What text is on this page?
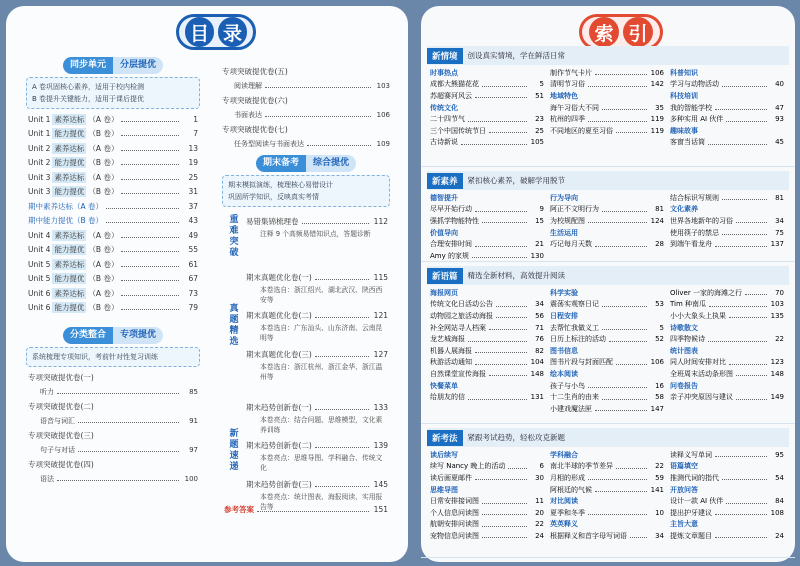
目 录
同步单元	分层提优
A 卷巩固核心素养，适用于校内检测
B 卷提升关键能力，适用于课后提优
Unit 1 素养达标 （A 卷）	1
Unit 1 能力提优 （B 卷）	7
Unit 2 素养达标 （A 卷）	13
Unit 2 能力提优 （B 卷）	19
Unit 3 素养达标 （A 卷）	25
Unit 3 能力提优 （B 卷）	31
期中素养达标（A 卷）	37
期中能力提优（B 卷）	43
Unit 4 素养达标 （A 卷）	49
Unit 4 能力提优 （B 卷）	55
Unit 5 素养达标 （A 卷）	61
Unit 5 能力提优 （B 卷）	67
Unit 6 素养达标 （A 卷）	73
Unit 6 能力提优 （B 卷）	79
分类整合	专项提优
系统梳理专项知识，考前针对性复习训练
专项突破提优卷(一)
听力	85
专项突破提优卷(二)
语音与词汇	91
专项突破提优卷(三)
句子与对话	97
专项突破提优卷(四)
语法	100
专项突破提优卷(五)
阅读理解	103
专项突破提优卷(六)
书面表达	106
专项突破提优卷(七)
任务型阅读与书面表达	109
期末备考	综合提优
期末模拟演练，梳理核心易错设计
巩固所学知识，反映真实考情
重难突破	易错集锦梳理卷	112
注释 9 个高频易错知识点，答题诊断
真题精选
期末真题优化卷(一)	115
本卷选自：浙江绍兴、湖北武汉、陕西西安等
期末真题优化卷(二)	121
本卷选自：广东汕头、山东济南、云南昆明等
期末真题优化卷(三)	127
本卷选自：浙江杭州、浙江金华、浙江温州等
新题速递
期末趋势创新卷(一)	133
本卷亮点：结合问题、思维模型，文化素养训练
期末趋势创新卷(二)	139
本卷亮点：思维导图、学科融合、传统文化
期末趋势创新卷(三)	145
本卷亮点：统计图表、海报阅读、实用报告等
参考答案	151
索 引
新情境	创设真实情境，学在鲜活日常
时事热点
成都大熊猫花花	5
苏超赛河风云	51
传统文化
二十四节气	23
三个中国传统节日	25
古诗新说	105
制作节气卡片	106
清明节习俗	142
地域特色
海午习俗大不同	35
杭州的四季	119
不同地区的夏至习俗	119
科普知识
学习与动物活动	40
科技培训
我的智能学校	47
多种实用 AI 伙伴	93
趣味故事
客窗当话筒	45
新素养	紧扣核心素养，破解学用脱节
德智提升
尽早开始行动	9
强抓学物能特性	15
价值导向
合理安排时间	21
Amy 的家规	130
行为导向
阿正不文明行为	81
为校规配图	124
生活运用
巧记每月天数	28
结合标识写规则	81
文化素养
世界各地新年的习俗	34
使用筷子的禁忌	75
到端午看龙舟	137
新语篇	精选全新材料，高效提升阅读
海报网页
传统文化日活动公告	34
动物园之旅活动海报	56
补全网站寻人档案	71
龙艺城海报	76
机器人展海报	82
秋游活动通知	104
自然课堂宣传海报	148
快餐菜单
给朋友的信	131
科学实验
震荡实观察日记	53
日程安排
去帮忙我做义工	5
日历上标注的活动	52
图书信息
图书片段与封面匹配	106
绘本阅读
孩子与小鸟	16
十二生肖的由来	58
小建戏魔法匣	147
Oliver 一家的海滩之行	70
Tim 种南瓜	103
小小大象头上执果	135
诗歌散文
四季物候诗	22
统计图表
同人时间安排对比	123
全班周末活动条形图	148
问卷报告
亲子冲突原因与建议	149
新考法	紧跟考试趋势，轻松攻克新题
读后续写
续写 Nancy 晚上的活动	6
读后画夏邮件	30
思维导图
日常安排接词图	11
个人信息问读图	20
航朝安排问读图	22
宠物信息问读图	24
学科融合
南北半球的季节差异	22
月相的形成	59
阿根廷的气候	141
对比阅读
夏季和冬季	10
英英释义
根据释义和首字母写词语	34
读释义写单词	95
语篇填空
推测代词的指代	54
开放问答
设计一款 AI 伙伴	84
提出护牙建议	108
主旨大意
提炼文章题目	24
